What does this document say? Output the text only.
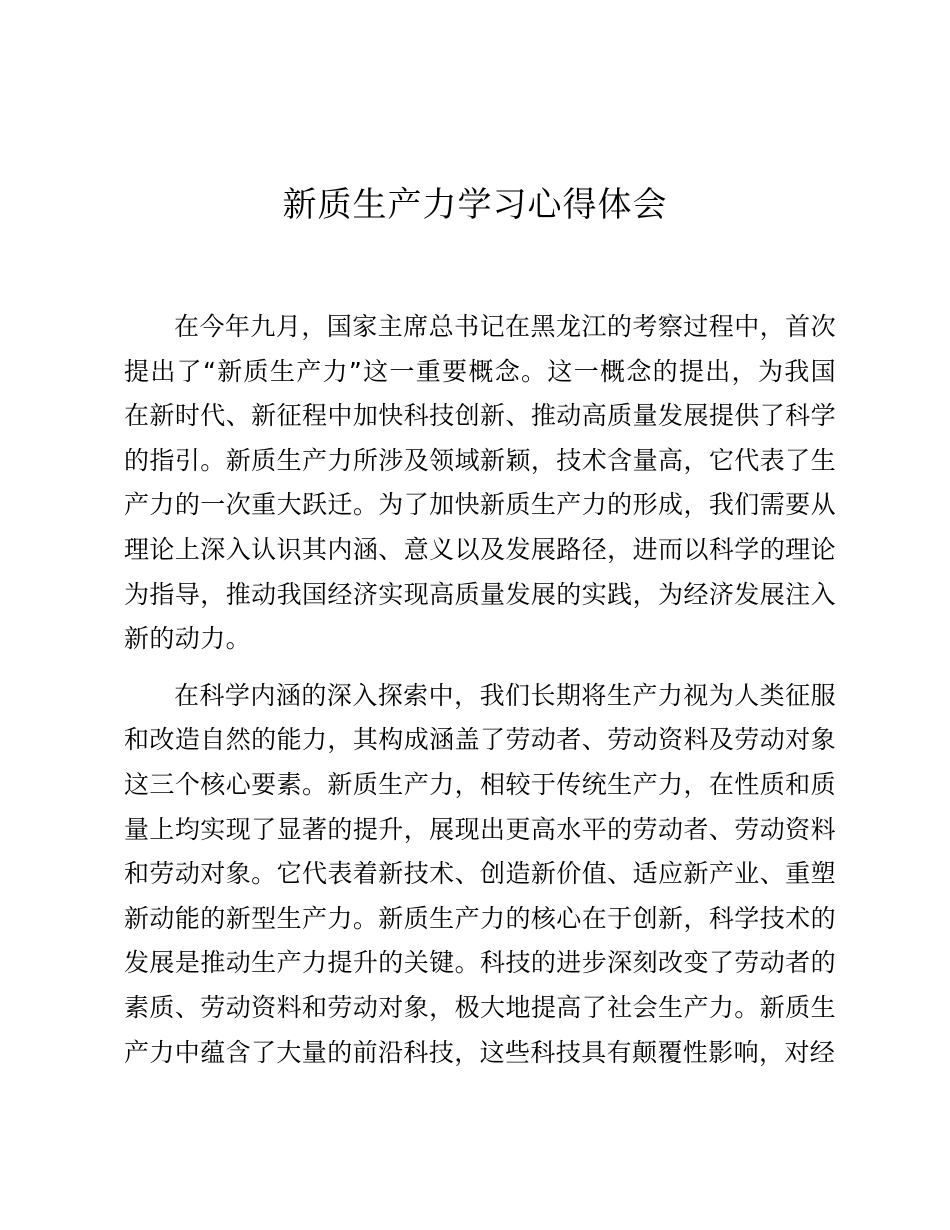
新质生产力学习心得体会

在今年九月，国家主席总书记在黑龙江的考察过程中，首次提出了“新质生产力”这一重要概念。这一概念的提出，为我国在新时代、新征程中加快科技创新、推动高质量发展提供了科学的指引。新质生产力所涉及领域新颖，技术含量高，它代表了生产力的一次重大跃迁。为了加快新质生产力的形成，我们需要从理论上深入认识其内涵、意义以及发展路径，进而以科学的理论为指导，推动我国经济实现高质量发展的实践，为经济发展注入新的动力。

在科学内涵的深入探索中，我们长期将生产力视为人类征服和改造自然的能力，其构成涵盖了劳动者、劳动资料及劳动对象这三个核心要素。新质生产力，相较于传统生产力，在性质和质量上均实现了显著的提升，展现出更高水平的劳动者、劳动资料和劳动对象。它代表着新技术、创造新价值、适应新产业、重塑新动能的新型生产力。新质生产力的核心在于创新，科学技术的发展是推动生产力提升的关键。科技的进步深刻改变了劳动者的素质、劳动资料和劳动对象，极大地提高了社会生产力。新质生产力中蕴含了大量的前沿科技，这些科技具有颠覆性影响，对经
